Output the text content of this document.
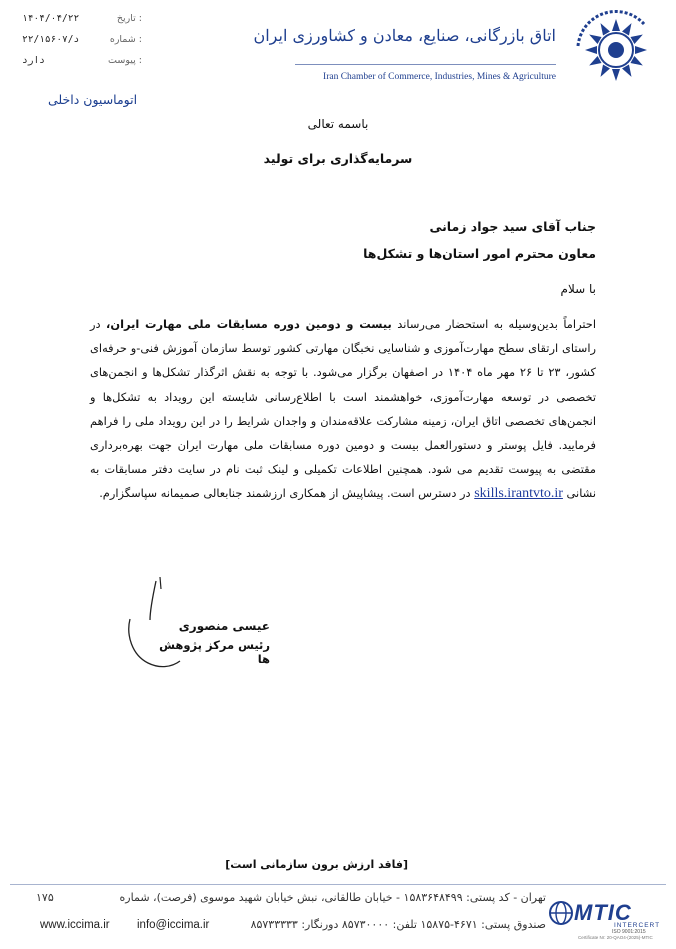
۱۴۰۴/۰۴/۲۲	تاریخ :
۲۲/۱۵۶۰۷/د	شماره :
دارد	پیوست :
اتوماسیون داخلی
اتاق بازرگانی، صنایع، معادن و کشاورزی ایران
Iran Chamber of Commerce, Industries, Mines & Agriculture
باسمه تعالی
سرمایه‌گذاری برای تولید
جناب آقای سید جواد زمانی
معاون محترم امور استان‌ها و تشکل‌ها
با سلام
احتراماً بدین‌وسیله به استحضار می‌رساند بیست و دومین دوره مسابقات ملی مهارت ایران، در راستای ارتقای سطح مهارت‌آموزی و شناسایی نخبگان مهارتی کشور توسط سازمان آموزش فنی-و حرفه‌ای کشور، ۲۳ تا ۲۶ مهر ماه ۱۴۰۴ در اصفهان برگزار می‌شود. با توجه به نقش اثرگذار تشکل‌ها و انجمن‌های تخصصی در توسعه مهارت‌آموزی، خواهشمند است با اطلاع‌رسانی شایسته این رویداد به تشکل‌ها و انجمن‌های تخصصی اتاق ایران، زمینه مشارکت علاقه‌مندان و واجدان شرایط را در این رویداد ملی را فراهم فرمایید. فایل پوستر و دستورالعمل بیست و دومین دوره مسابقات ملی مهارت ایران جهت بهره‌برداری مقتضی به پیوست تقدیم می شود. همچنین اطلاعات تکمیلی و لینک ثبت نام در سایت دفتر مسابقات به نشانی skills.irantvto.ir در دسترس است. پیشاپیش از همکاری ارزشمند جنابعالی صمیمانه سپاسگزارم.
عیسی منصوری
رئیس مرکز پژوهش ها
[فاقد ارزش برون سازمانی است]
تهران - کد پستی: ۱۵۸۳۶۴۸۴۹۹ - خیابان طالقانی، نبش خیابان شهید موسوی (فرصت)، شماره
۱۷۵
صندوق پستی: ۴۶۷۱-۱۵۸۷۵ تلفن: ۸۵۷۳۰۰۰۰ دورنگار: ۸۵۷۳۳۳۳۳
info@iccima.ir
www.iccima.ir	MTIC
INTERCERT
ISO 9001:2015
Certificate Nr: 20-QAO4-(2025)-MTIC
